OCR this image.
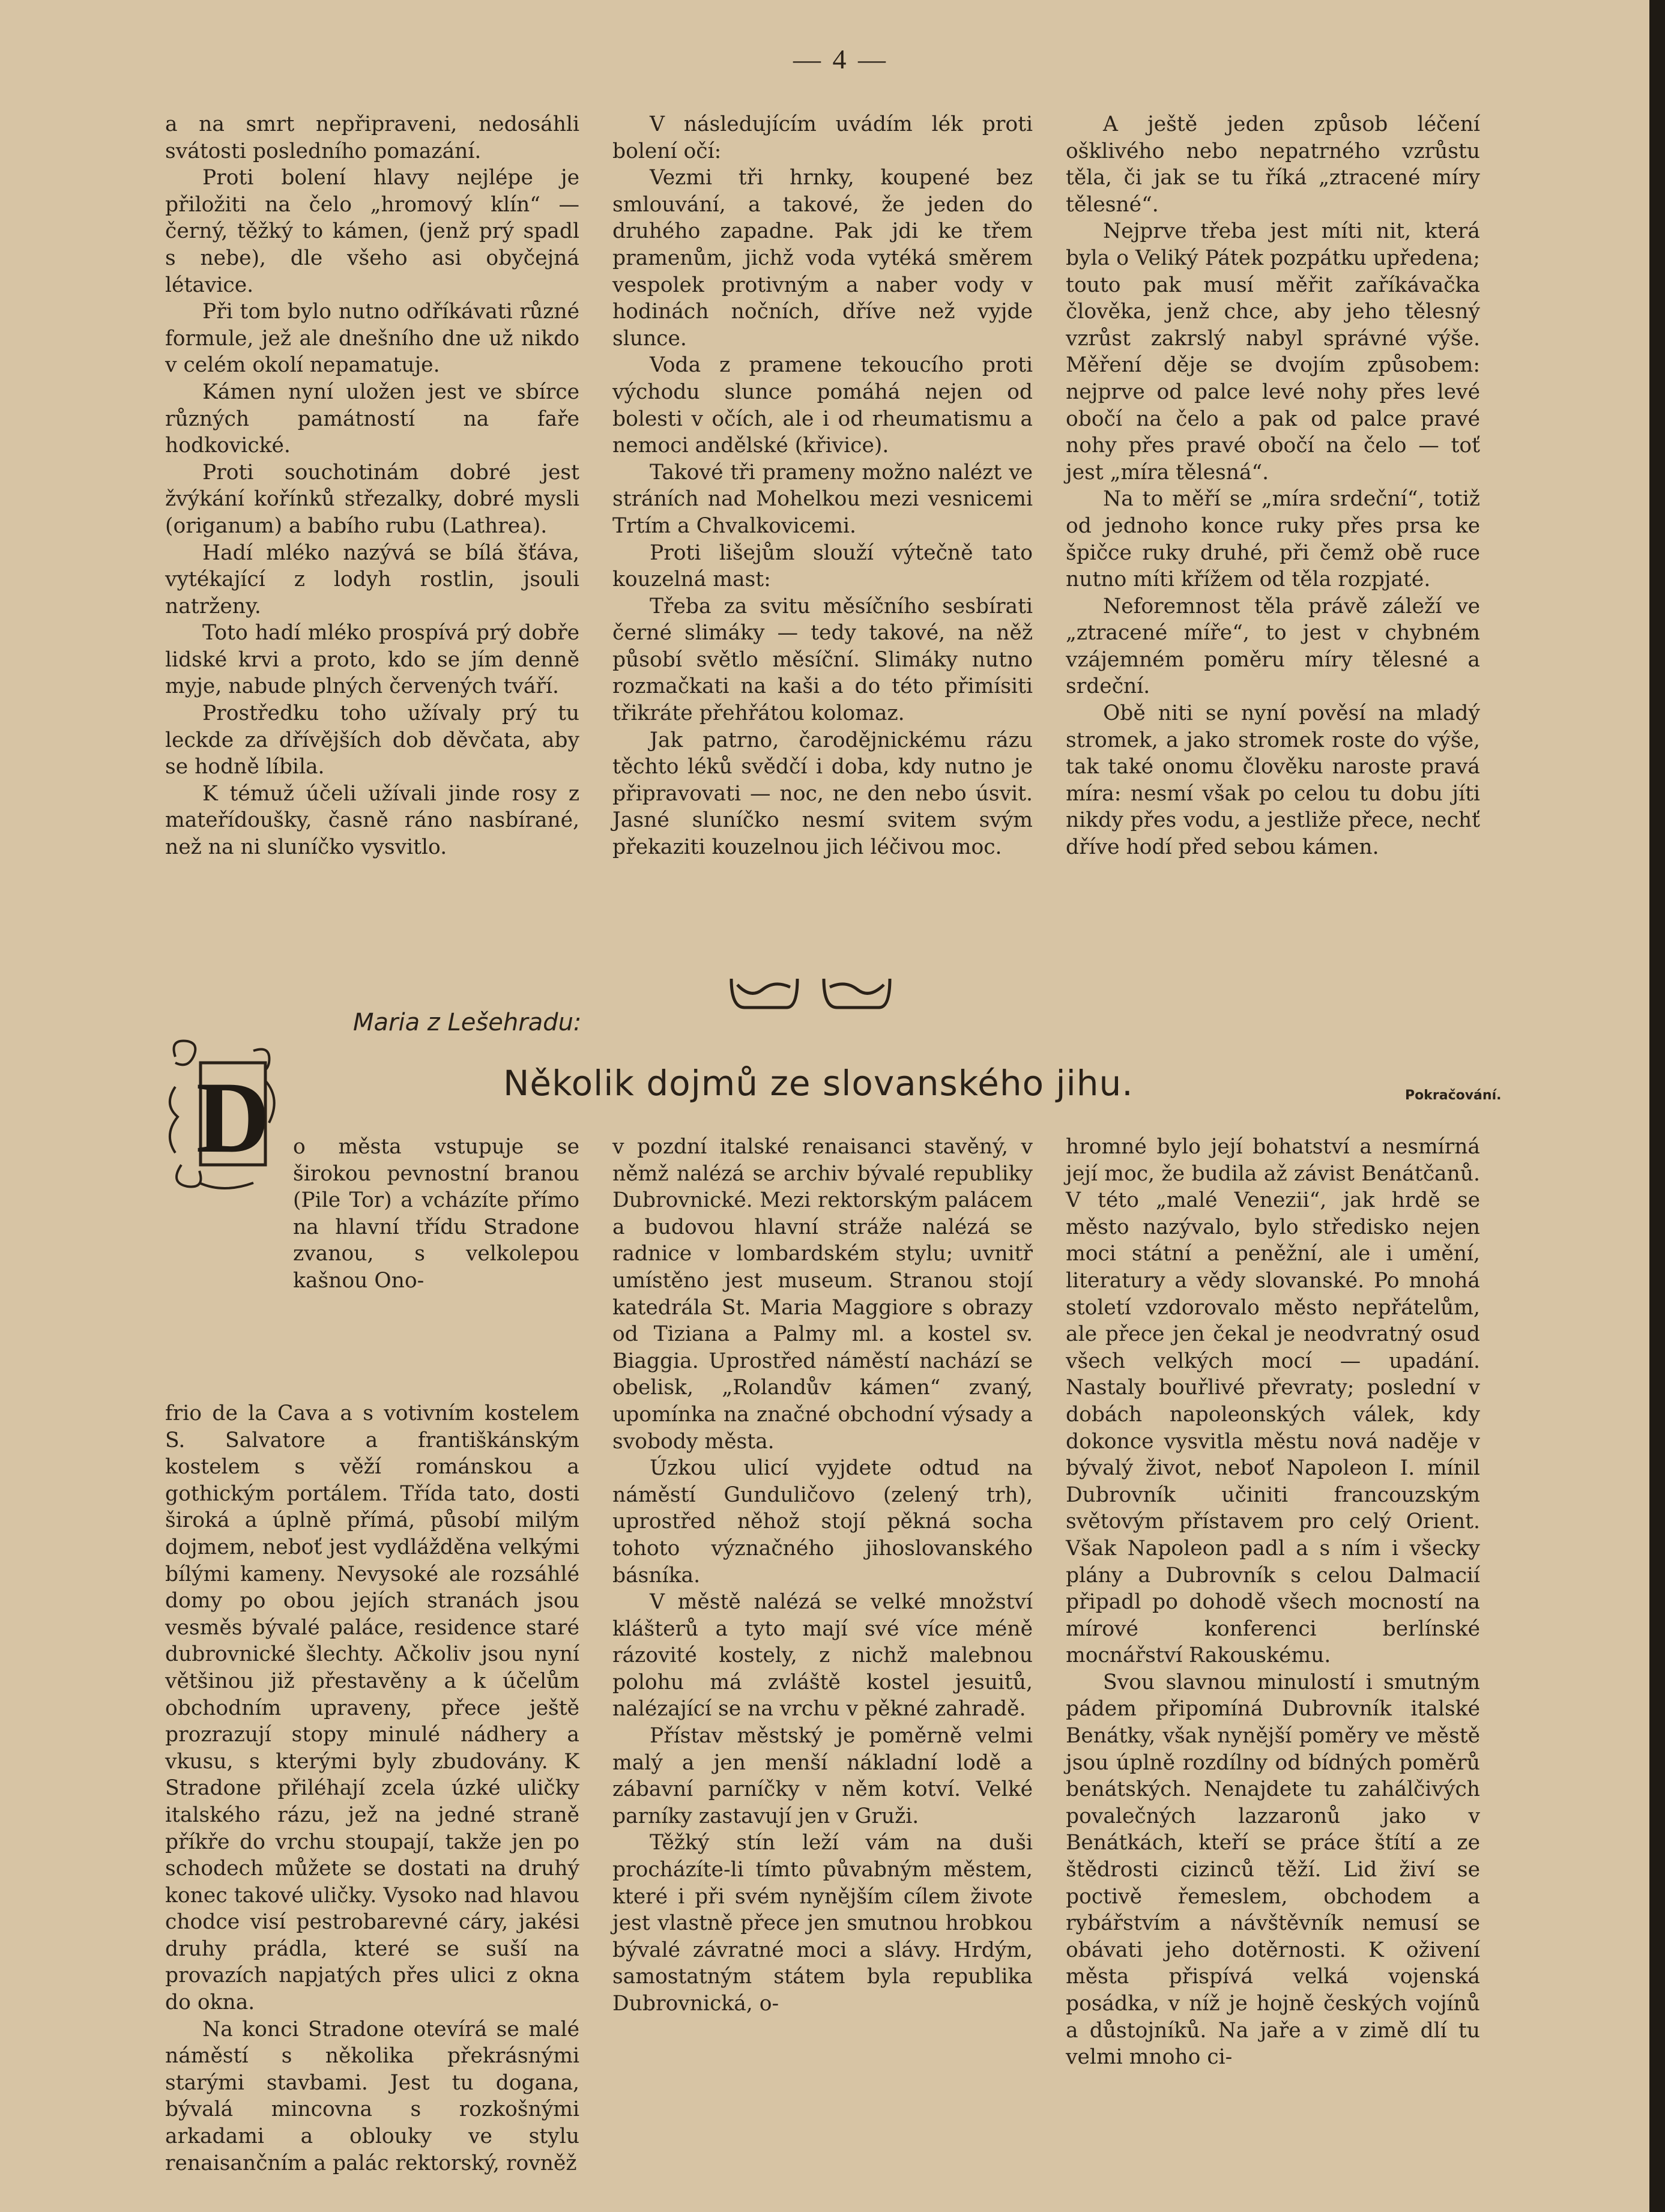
— 4 —

a na smrt nepřipraveni, nedosáhli svátosti posledního pomazání.

Proti bolení hlavy nejlépe je přiložiti na čelo „hromový klín“ — černý, těžký to kámen, (jenž prý spadl s nebe), dle všeho asi obyčejná létavice.

Při tom bylo nutno odříkávati různé formule, jež ale dnešního dne už nikdo v celém okolí nepamatuje.

Kámen nyní uložen jest ve sbírce různých památností na faře hodkovické.

Proti souchotinám dobré jest žvýkání kořínků střezalky, dobré mysli (origanum) a babího rubu (Lathrea).

Hadí mléko nazývá se bílá šťáva, vytékající z lodyh rostlin, jsouli natrženy.

Toto hadí mléko prospívá prý dobře lidské krvi a proto, kdo se jím denně myje, nabude plných červených tváří.

Prostředku toho užívaly prý tu leckde za dřívějších dob děvčata, aby se hodně líbila.

K témuž účeli užívali jinde rosy z mateřídoušky, časně ráno nasbírané, než na ni sluníčko vysvitlo.

V následujícím uvádím lék proti bolení očí:

Vezmi tři hrnky, koupené bez smlouvání, a takové, že jeden do druhého zapadne. Pak jdi ke třem pramenům, jichž voda vytéká směrem vespolek protivným a naber vody v hodinách nočních, dříve než vyjde slunce.

Voda z pramene tekoucího proti východu slunce pomáhá nejen od bolesti v očích, ale i od rheumatismu a nemoci andělské (křivice).

Takové tři prameny možno nalézt ve stráních nad Mohelkou mezi vesnicemi Trtím a Chvalkovicemi.

Proti lišejům slouží výtečně tato kouzelná mast:

Třeba za svitu měsíčního sesbírati černé slimáky — tedy takové, na něž působí světlo měsíční. Slimáky nutno rozmačkati na kaši a do této přimísiti třikráte přehřátou kolomaz.

Jak patrno, čarodějnickému rázu těchto léků svědčí i doba, kdy nutno je připravovati — noc, ne den nebo úsvit. Jasné sluníčko nesmí svitem svým překaziti kouzelnou jich léčivou moc.

A ještě jeden způsob léčení ošklivého nebo nepatrného vzrůstu těla, či jak se tu říká „ztracené míry tělesné“.

Nejprve třeba jest míti nit, která byla o Veliký Pátek pozpátku upředena; touto pak musí měřit zaříkávačka člověka, jenž chce, aby jeho tělesný vzrůst zakrslý nabyl správné výše. Měření děje se dvojím způsobem: nejprve od palce levé nohy přes levé obočí na čelo a pak od palce pravé nohy přes pravé obočí na čelo — toť jest „míra tělesná“.

Na to měří se „míra srdeční“, totiž od jednoho konce ruky přes prsa ke špičce ruky druhé, při čemž obě ruce nutno míti křížem od těla rozpjaté.

Neforemnost těla právě záleží ve „ztracené míře“, to jest v chybném vzájemném poměru míry tělesné a srdeční.

Obě niti se nyní pověsí na mladý stromek, a jako stromek roste do výše, tak také onomu člověku naroste pravá míra: nesmí však po celou tu dobu jíti nikdy přes vodu, a jestliže přece, nechť dříve hodí před sebou kámen.

Maria z Lešehradu:
Několik dojmů ze slovanského jihu.	Pokračování.
D o města vstupuje se širokou pevnostní branou (Pile Tor) a vcházíte přímo na hlavní třídu Stradone zvanou, s velkolepou kašnou Ono-

frio de la Cava a s votivním kostelem S. Salvatore a františkánským kostelem s věží románskou a gothickým portálem. Třída tato, dosti široká a úplně přímá, působí milým dojmem, neboť jest vydlážděna velkými bílými kameny. Nevysoké ale rozsáhlé domy po obou jejích stranách jsou vesměs bývalé paláce, residence staré dubrovnické šlechty. Ačkoliv jsou nyní většinou již přestavěny a k účelům obchodním upraveny, přece ještě prozrazují stopy minulé nádhery a vkusu, s kterými byly zbudovány. K Stradone přiléhají zcela úzké uličky italského rázu, jež na jedné straně příkře do vrchu stoupají, takže jen po schodech můžete se dostati na druhý konec takové uličky. Vysoko nad hlavou chodce visí pestrobarevné cáry, jakési druhy prádla, které se suší na provazích napjatých přes ulici z okna do okna.

Na konci Stradone otevírá se malé náměstí s několika překrásnými starými stavbami. Jest tu dogana, bývalá mincovna s rozkošnými arkadami a oblouky ve stylu renaisančním a palác rektorský, rovněž

v pozdní italské renaisanci stavěný, v němž nalézá se archiv bývalé republiky Dubrovnické. Mezi rektorským palácem a budovou hlavní stráže nalézá se radnice v lombardském stylu; uvnitř umístěno jest museum. Stranou stojí katedrála St. Maria Maggiore s obrazy od Tiziana a Palmy ml. a kostel sv. Biaggia. Uprostřed náměstí nachází se obelisk, „Rolandův kámen“ zvaný, upomínka na značné obchodní výsady a svobody města.

Úzkou ulicí vyjdete odtud na náměstí Gunduličovo (zelený trh), uprostřed něhož stojí pěkná socha tohoto význačného jihoslovanského básníka.

V městě nalézá se velké množství klášterů a tyto mají své více méně rázovité kostely, z nichž malebnou polohu má zvláště kostel jesuitů, nalézající se na vrchu v pěkné zahradě.

Přístav městský je poměrně velmi malý a jen menší nákladní lodě a zábavní parníčky v něm kotví. Velké parníky zastavují jen v Gruži.

Těžký stín leží vám na duši procházíte-li tímto půvabným městem, které i při svém nynějším cílem živote jest vlastně přece jen smutnou hrobkou bývalé závratné moci a slávy. Hrdým, samostatným státem byla republika Dubrovnická, o-

hromné bylo její bohatství a nesmírná její moc, že budila až závist Benátčanů. V této „malé Venezii“, jak hrdě se město nazývalo, bylo středisko nejen moci státní a peněžní, ale i umění, literatury a vědy slovanské. Po mnohá století vzdorovalo město nepřátelům, ale přece jen čekal je neodvratný osud všech velkých mocí — upadání. Nastaly bouřlivé převraty; poslední v dobách napoleonských válek, kdy dokonce vysvitla městu nová naděje v bývalý život, neboť Napoleon I. mínil Dubrovník učiniti francouzským světovým přístavem pro celý Orient. Však Napoleon padl a s ním i všecky plány a Dubrovník s celou Dalmacií připadl po dohodě všech mocností na mírové konferenci berlínské mocnářství Rakouskému.

Svou slavnou minulostí i smutným pádem připomíná Dubrovník italské Benátky, však nynější poměry ve městě jsou úplně rozdílny od bídných poměrů benátských. Nenajdete tu zahálčivých povalečných lazzaronů jako v Benátkách, kteří se práce štítí a ze štědrosti cizinců těží. Lid živí se poctivě řemeslem, obchodem a rybářstvím a návštěvník nemusí se obávati jeho dotěrnosti. K oživení města přispívá velká vojenská posádka, v níž je hojně českých vojínů a důstojníků. Na jaře a v zimě dlí tu velmi mnoho ci-
